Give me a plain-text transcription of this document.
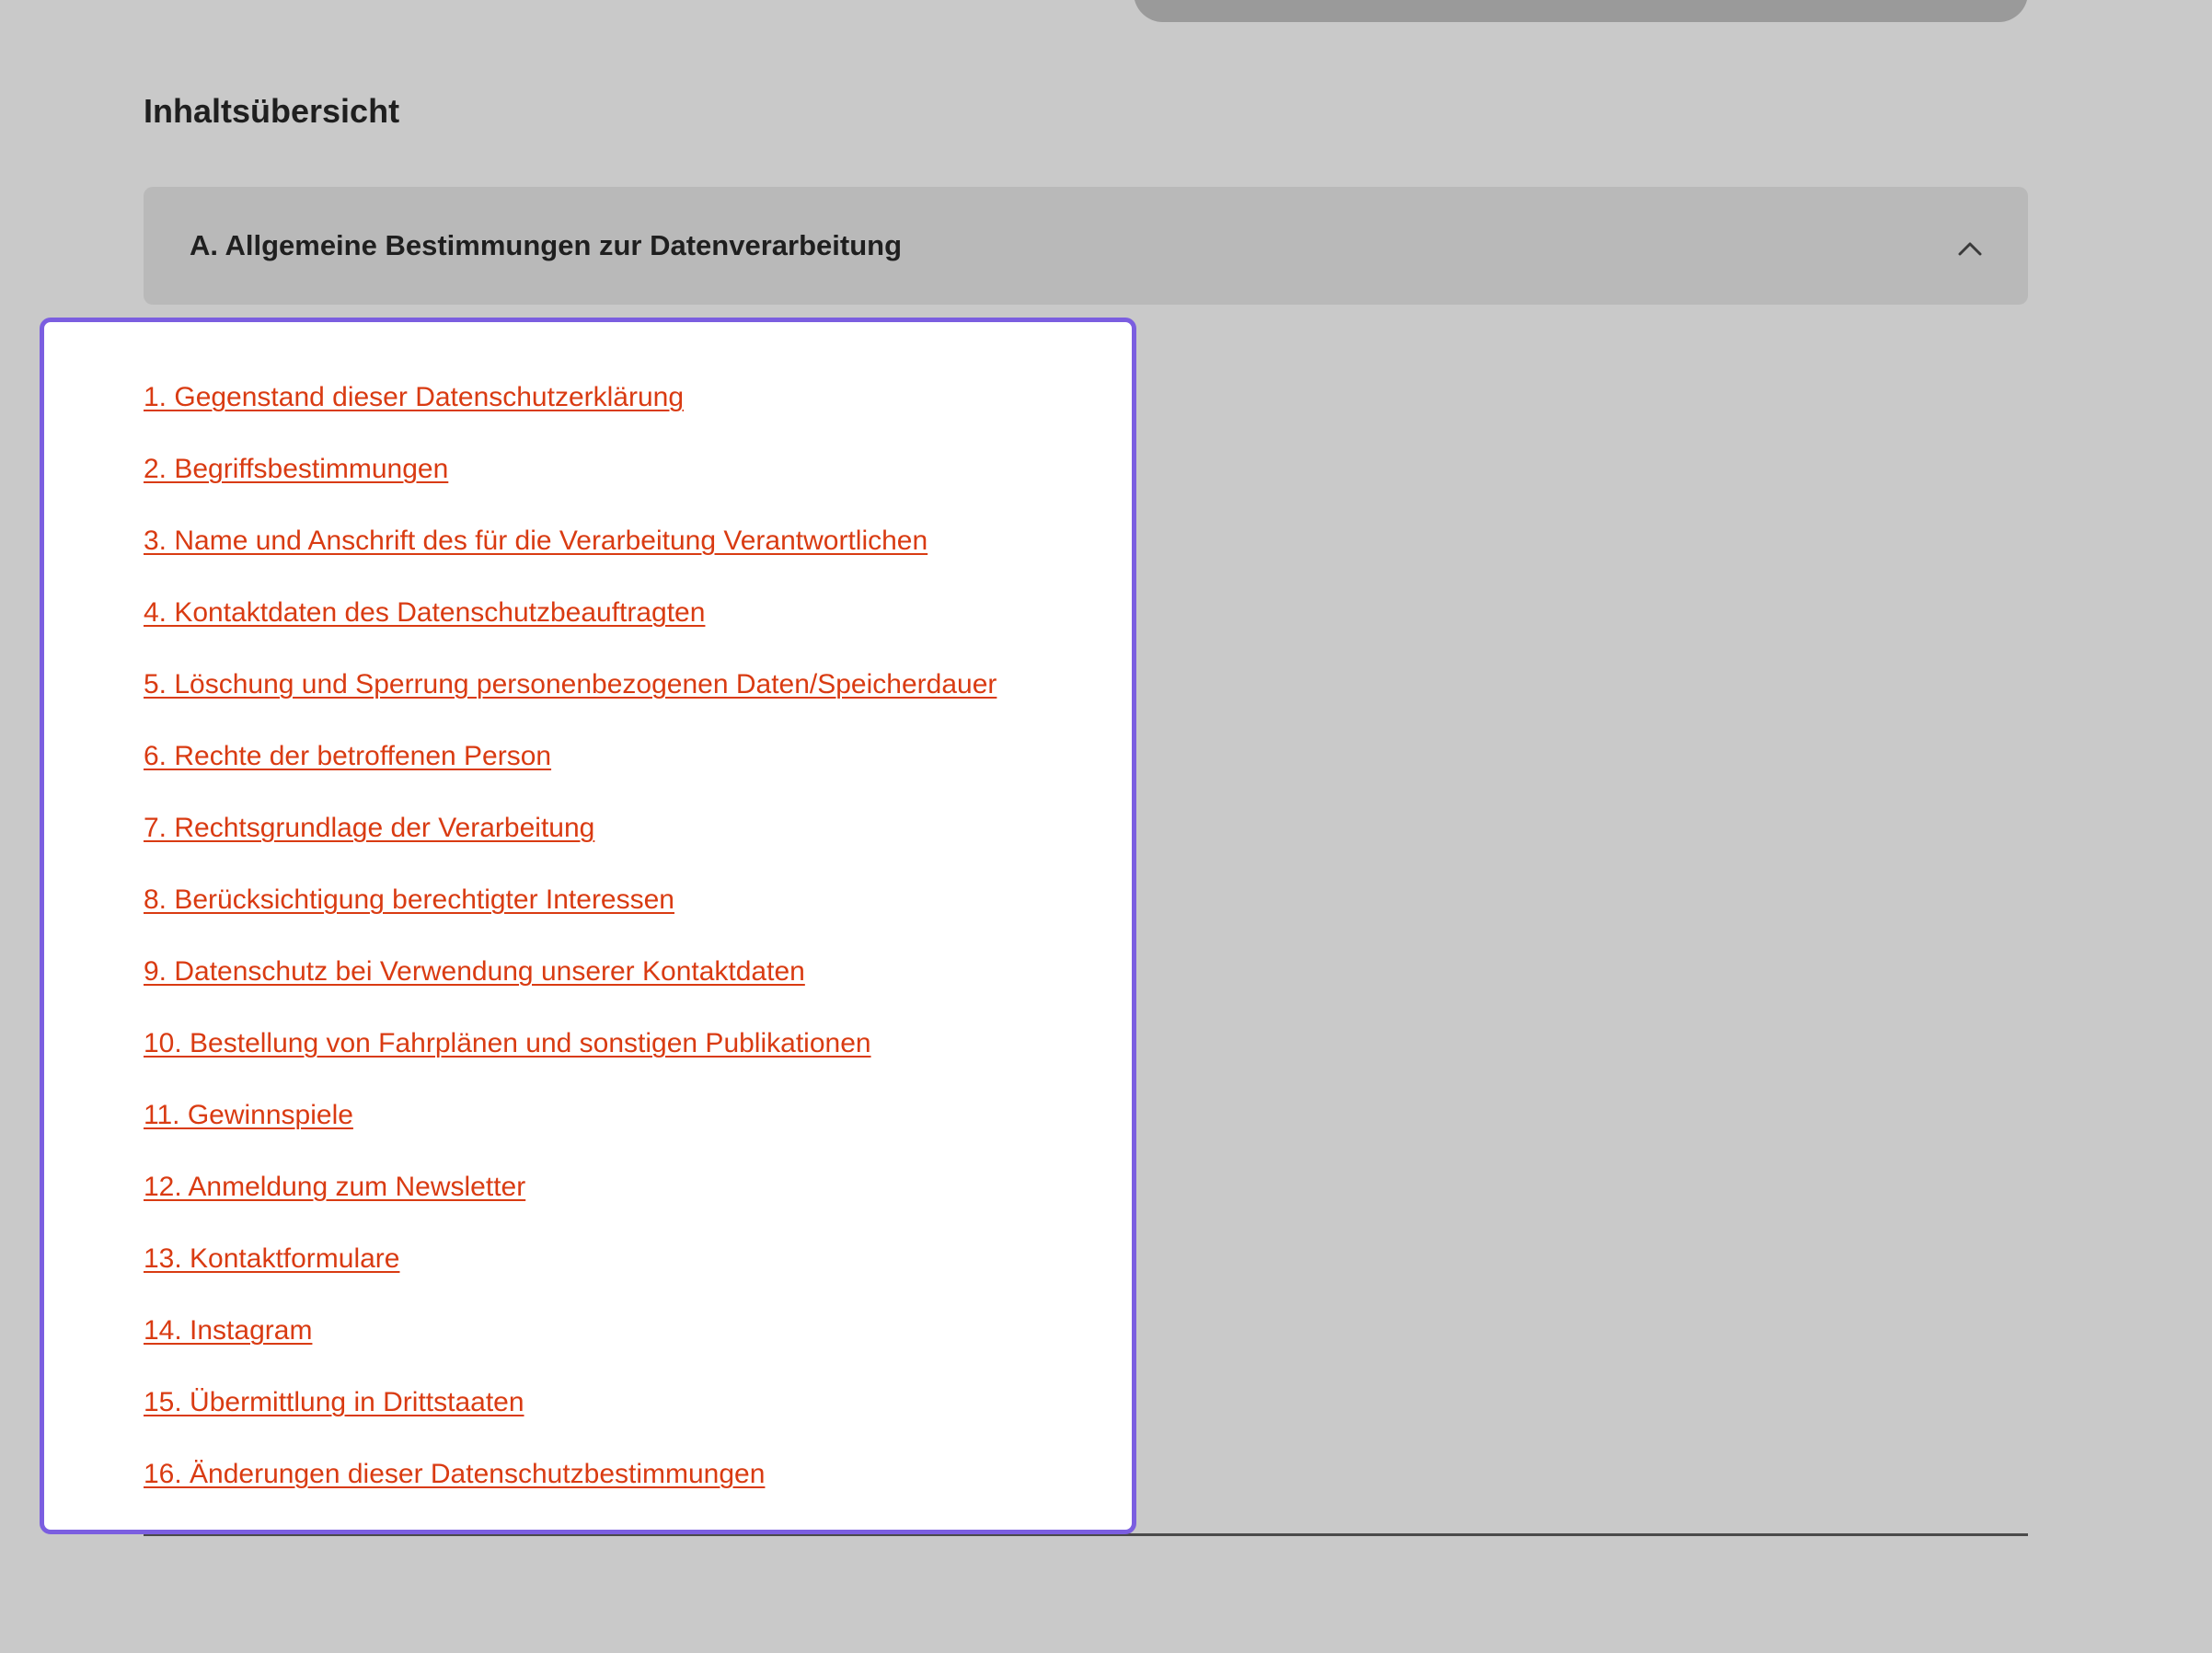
Inhaltsübersicht
A. Allgemeine Bestimmungen zur Datenverarbeitung
1. Gegenstand dieser Datenschutzerklärung
2. Begriffsbestimmungen
3. Name und Anschrift des für die Verarbeitung Verantwortlichen
4. Kontaktdaten des Datenschutzbeauftragten
5. Löschung und Sperrung personenbezogenen Daten/Speicherdauer
6. Rechte der betroffenen Person
7. Rechtsgrundlage der Verarbeitung
8. Berücksichtigung berechtigter Interessen
9. Datenschutz bei Verwendung unserer Kontaktdaten
10. Bestellung von Fahrplänen und sonstigen Publikationen
11. Gewinnspiele
12. Anmeldung zum Newsletter
13. Kontaktformulare
14. Instagram
15. Übermittlung in Drittstaaten
16. Änderungen dieser Datenschutzbestimmungen
